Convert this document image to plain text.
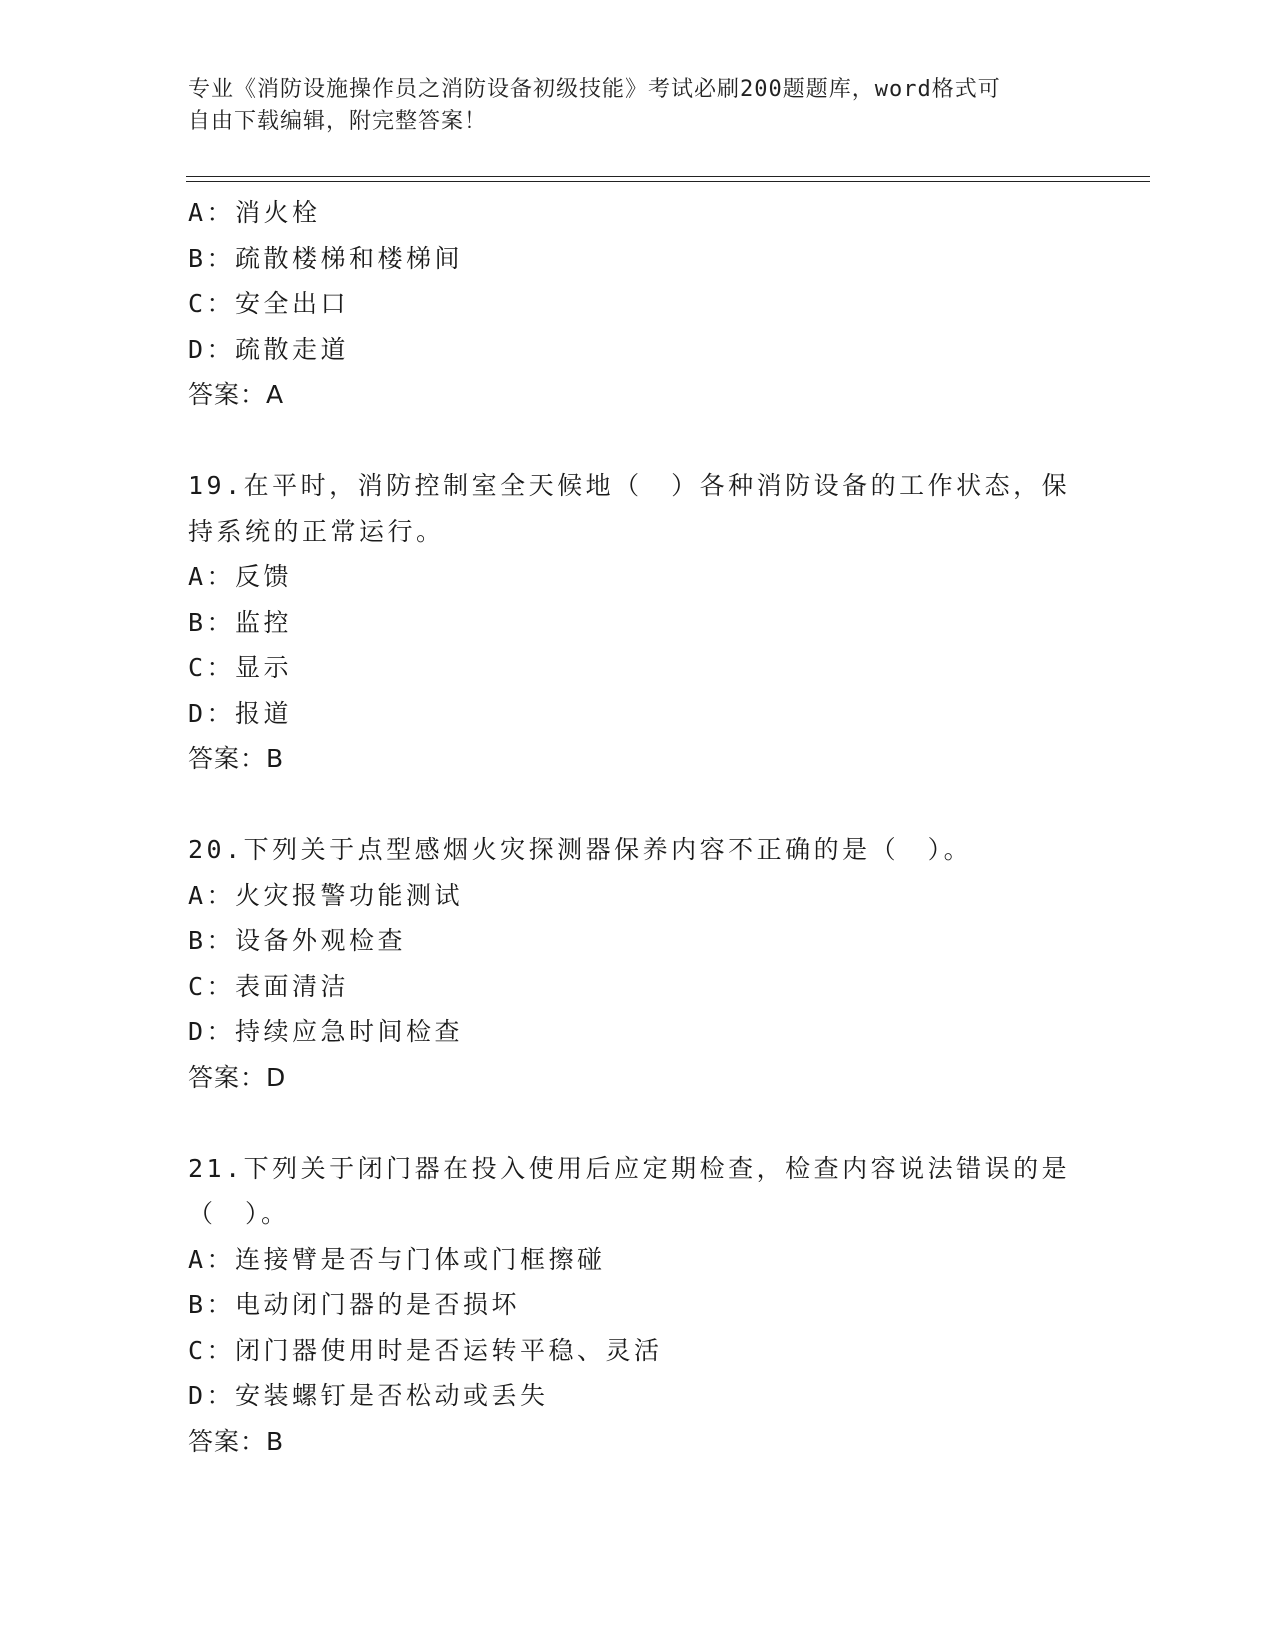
专业《消防设施操作员之消防设备初级技能》考试必刷200题题库，word格式可
自由下载编辑，附完整答案！
A：消火栓
B：疏散楼梯和楼梯间
C：安全出口
D：疏散走道
答案：A
19.在平时，消防控制室全天候地（　）各种消防设备的工作状态，保
持系统的正常运行。
A：反馈
B：监控
C：显示
D：报道
答案：B
20.下列关于点型感烟火灾探测器保养内容不正确的是（　）。
A：火灾报警功能测试
B：设备外观检查
C：表面清洁
D：持续应急时间检查
答案：D
21.下列关于闭门器在投入使用后应定期检查，检查内容说法错误的是
（　）。
A：连接臂是否与门体或门框擦碰
B：电动闭门器的是否损坏
C：闭门器使用时是否运转平稳、灵活
D：安装螺钉是否松动或丢失
答案：B
